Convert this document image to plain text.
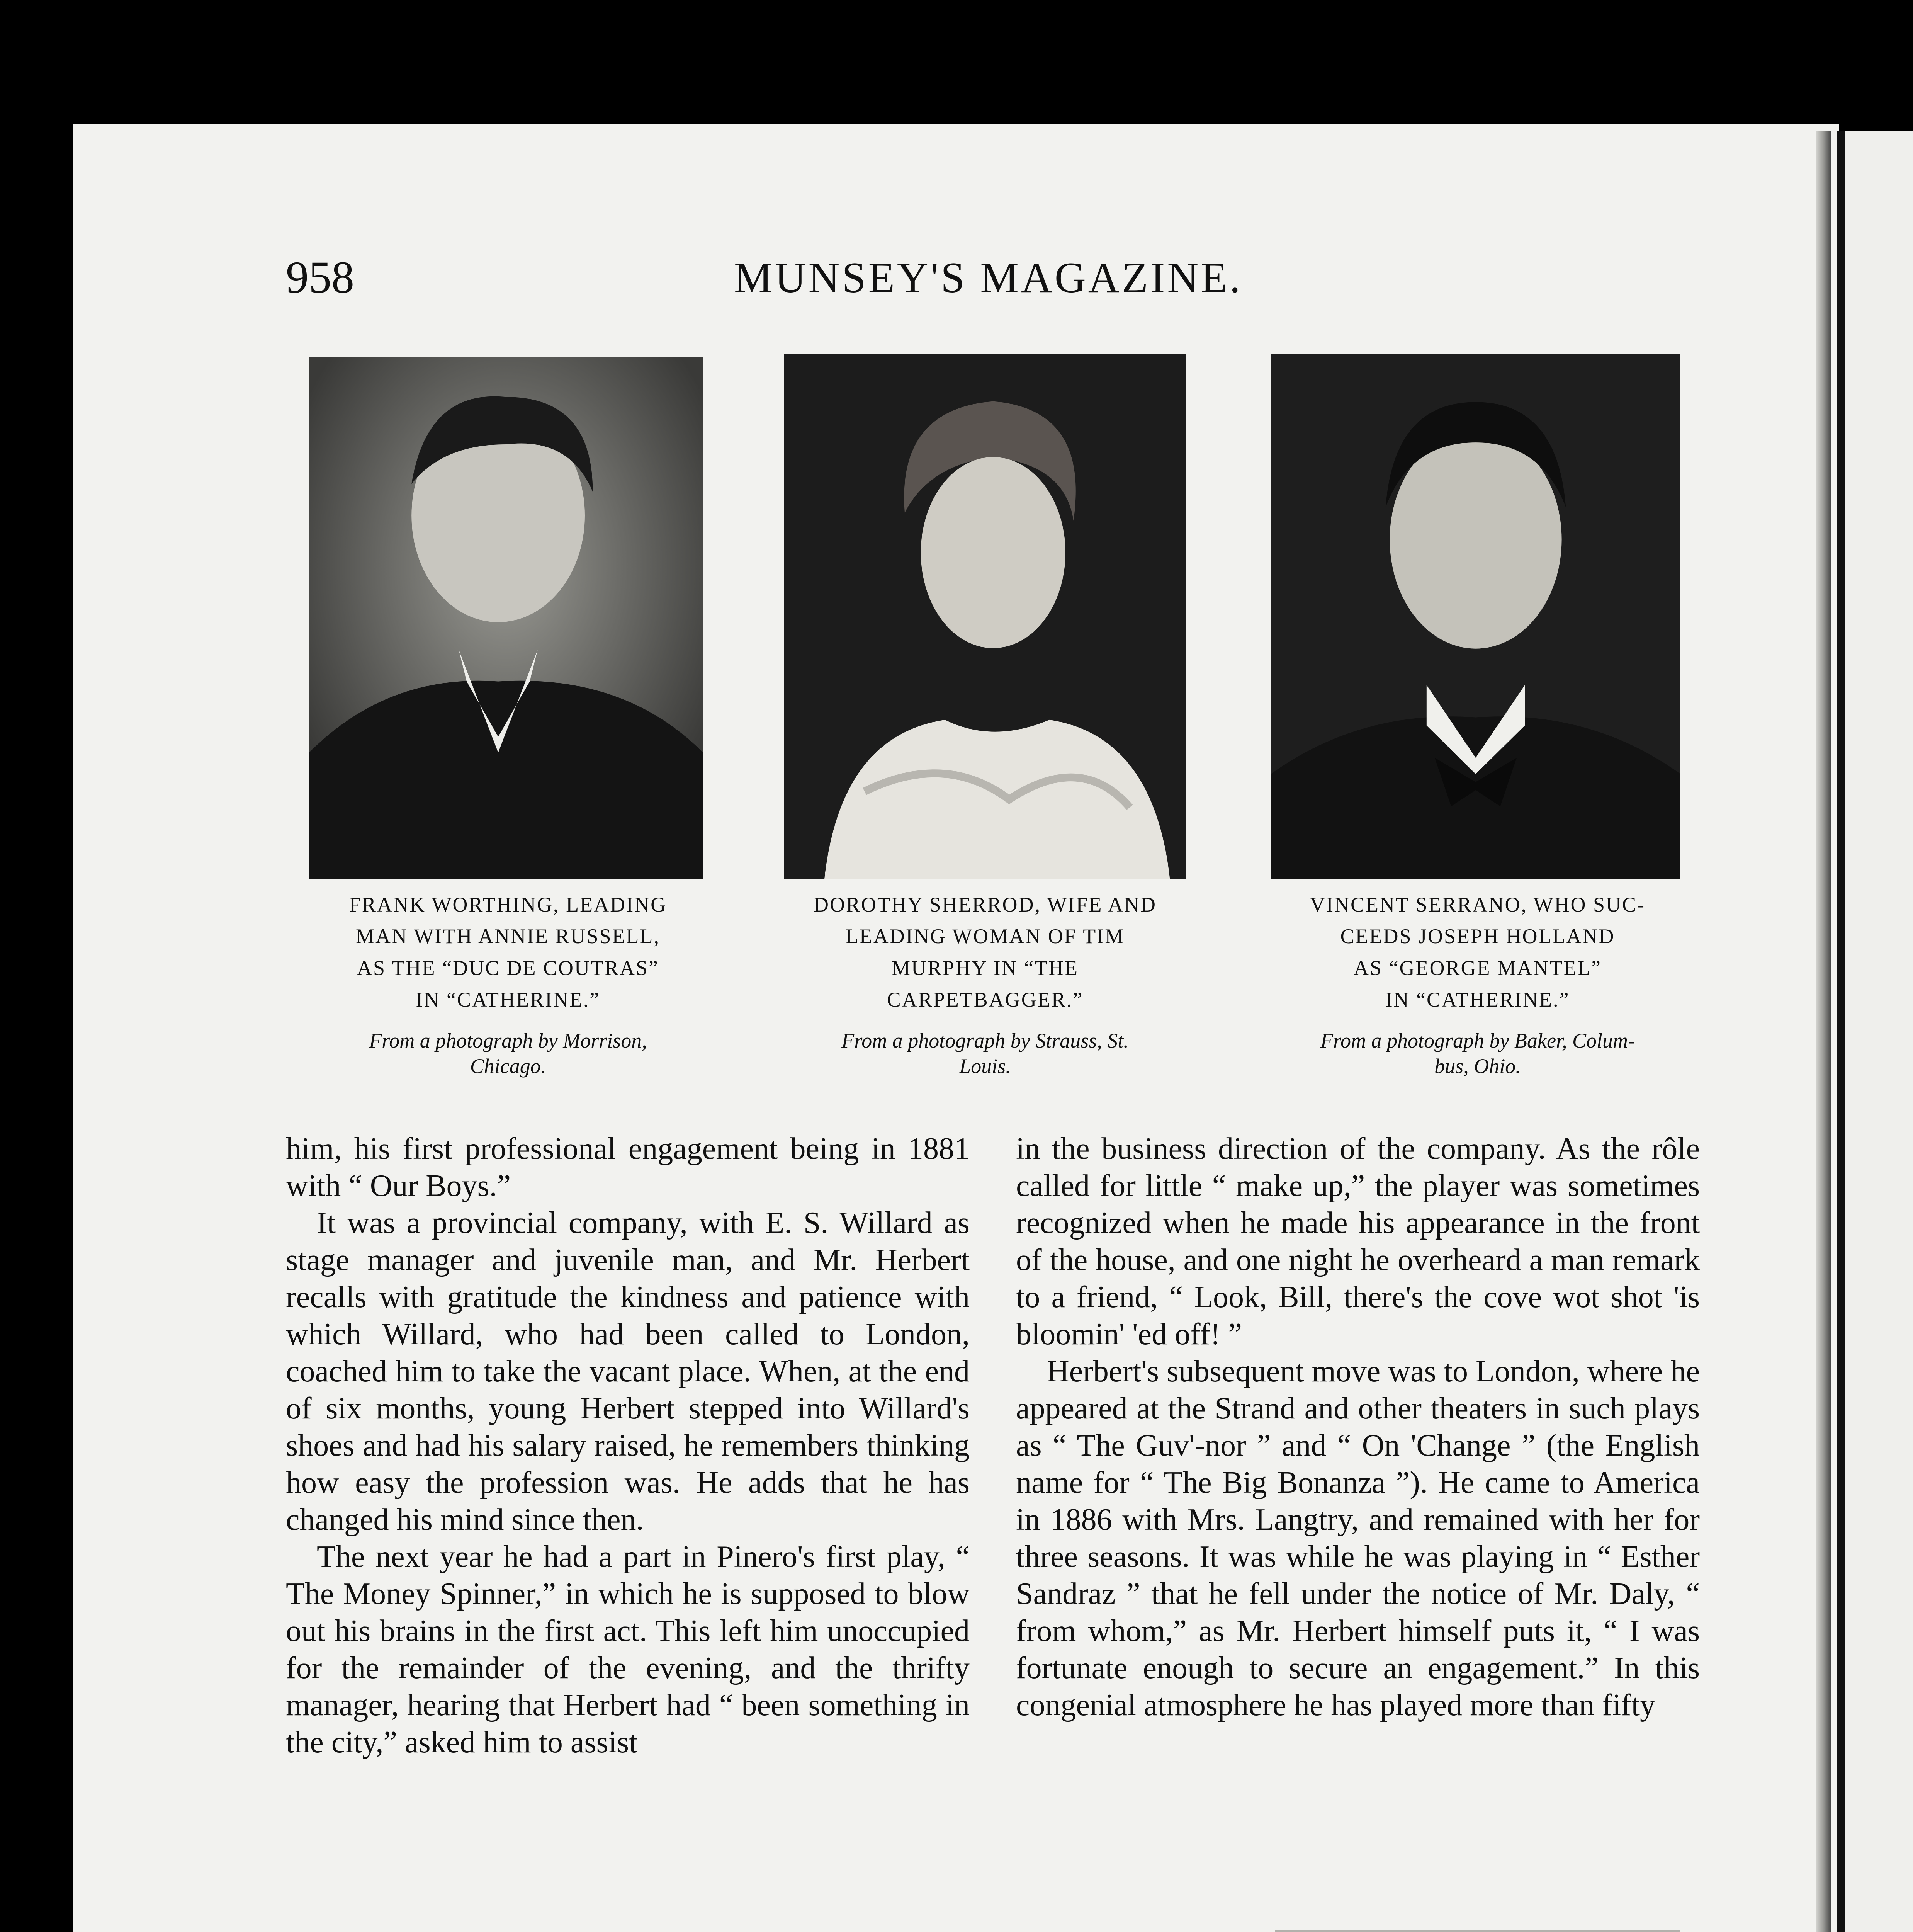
958	MUNSEY'S MAGAZINE.
FRANK WORTHING, LEADING
MAN WITH ANNIE RUSSELL,
AS THE “DUC DE COUTRAS”
IN “CATHERINE.”
From a photograph by Morrison,
Chicago.
DOROTHY SHERROD, WIFE AND
LEADING WOMAN OF TIM
MURPHY IN “THE
CARPETBAGGER.”
From a photograph by Strauss, St.
Louis.
VINCENT SERRANO, WHO SUC-
CEEDS JOSEPH HOLLAND
AS “GEORGE MANTEL”
IN “CATHERINE.”
From a photograph by Baker, Colum-
bus, Ohio.

him, his first professional engagement being in 1881 with “ Our Boys.”

It was a provincial company, with E. S. Willard as stage manager and juvenile man, and Mr. Herbert recalls with gratitude the kindness and patience with which Willard, who had been called to London, coached him to take the vacant place. When, at the end of six months, young Herbert stepped into Willard's shoes and had his salary raised, he remembers thinking how easy the profession was. He adds that he has changed his mind since then.

The next year he had a part in Pinero's first play, “ The Money Spinner,” in which he is supposed to blow out his brains in the first act. This left him unoccupied for the remainder of the evening, and the thrifty manager, hearing that Herbert had “ been something in the city,” asked him to assist

in the business direction of the company. As the rôle called for little “ make up,” the player was sometimes recognized when he made his appearance in the front of the house, and one night he overheard a man remark to a friend, “ Look, Bill, there's the cove wot shot 'is bloomin' 'ed off! ”

Herbert's subsequent move was to London, where he appeared at the Strand and other theaters in such plays as “ The Guv'-nor ” and “ On 'Change ” (the English name for “ The Big Bonanza ”). He came to America in 1886 with Mrs. Langtry, and remained with her for three seasons. It was while he was playing in “ Esther Sandraz ” that he fell under the notice of Mr. Daly, “ from whom,” as Mr. Herbert himself puts it, “ I was fortunate enough to secure an engagement.” In this congenial atmosphere he has played more than fifty
